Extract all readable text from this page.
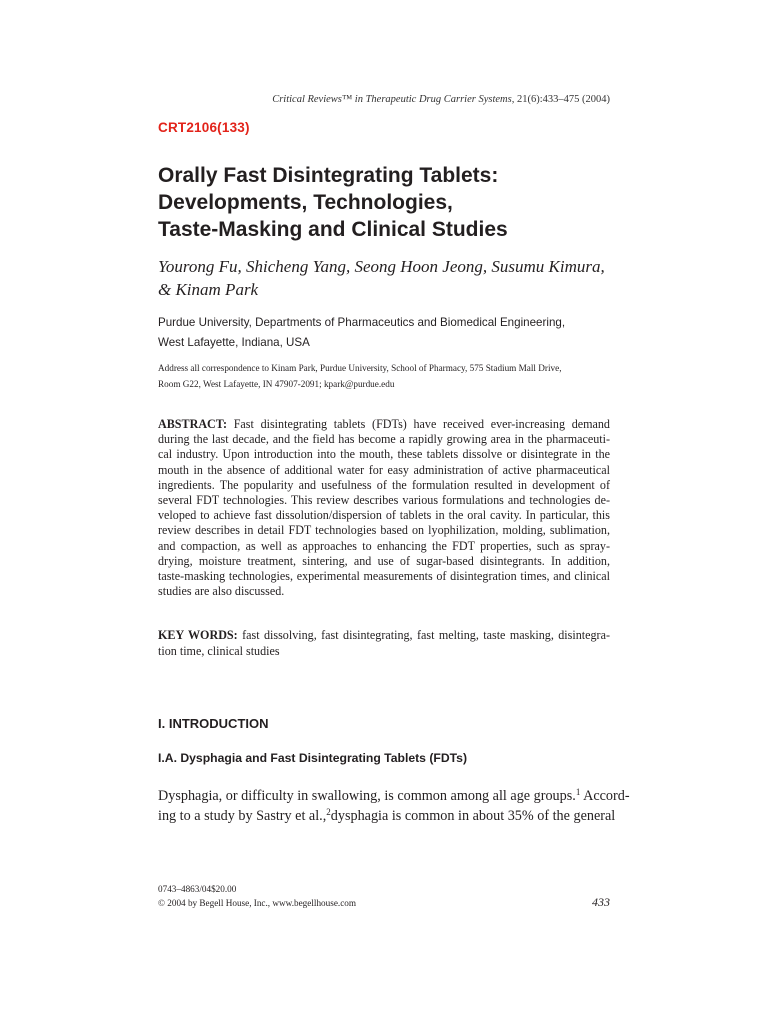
Critical Reviews™ in Therapeutic Drug Carrier Systems, 21(6):433–475 (2004)
CRT2106(133)
Orally Fast Disintegrating Tablets:
Developments, Technologies,
Taste-Masking and Clinical Studies
Yourong Fu, Shicheng Yang, Seong Hoon Jeong, Susumu Kimura,
& Kinam Park
Purdue University, Departments of Pharmaceutics and Biomedical Engineering,
West Lafayette, Indiana, USA
Address all correspondence to Kinam Park, Purdue University, School of Pharmacy, 575 Stadium Mall Drive,
Room G22, West Lafayette, IN 47907-2091; kpark@purdue.edu
ABSTRACT: Fast disintegrating tablets (FDTs) have received ever-increasing demand
during the last decade, and the field has become a rapidly growing area in the pharmaceuti-
cal industry. Upon introduction into the mouth, these tablets dissolve or disintegrate in the
mouth in the absence of additional water for easy administration of active pharmaceutical
ingredients. The popularity and usefulness of the formulation resulted in development of
several FDT technologies. This review describes various formulations and technologies de-
veloped to achieve fast dissolution/dispersion of tablets in the oral cavity. In particular, this
review describes in detail FDT technologies based on lyophilization, molding, sublimation,
and compaction, as well as approaches to enhancing the FDT properties, such as spray-
drying, moisture treatment, sintering, and use of sugar-based disintegrants. In addition,
taste-masking technologies, experimental measurements of disintegration times, and clinical
studies are also discussed.
KEY WORDS: fast dissolving, fast disintegrating, fast melting, taste masking, disintegra-
tion time, clinical studies
I. INTRODUCTION
I.A. Dysphagia and Fast Disintegrating Tablets (FDTs)
Dysphagia, or difficulty in swallowing, is common among all age groups.$^1$ Accord-
ing to a study by Sastry et al.,$^2$dysphagia is common in about 35% of the general
0743–4863/04$20.00
© 2004 by Begell House, Inc., www.begellhouse.com	433
